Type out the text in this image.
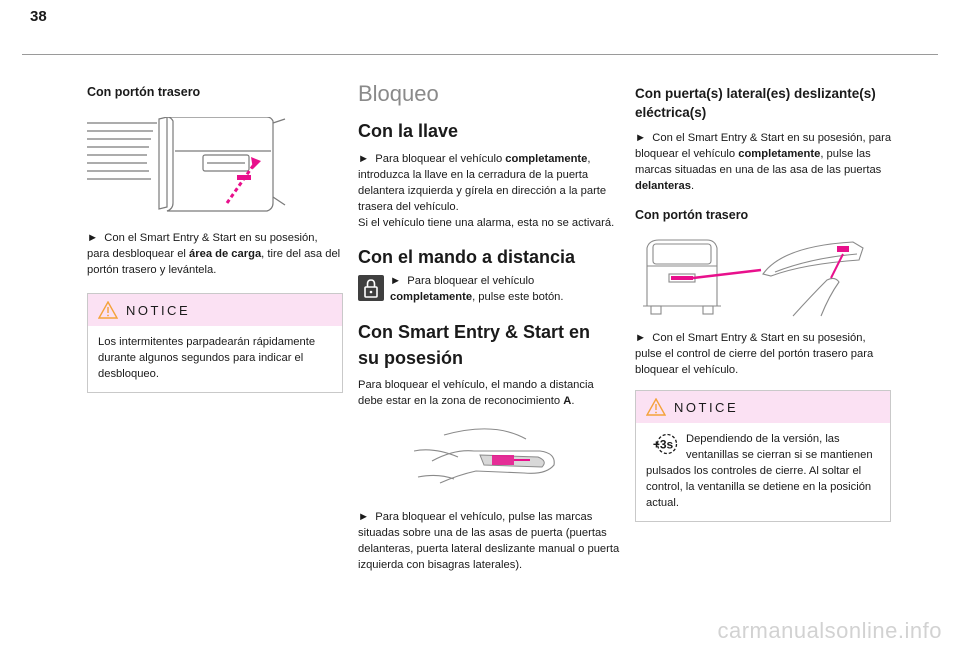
38
Con portón trasero
► Con el Smart Entry & Start en su posesión, para desbloquear el área de carga, tire del asa del portón trasero y levántela.
NOTICE
Los intermitentes parpadearán rápidamente durante algunos segundos para indicar el desbloqueo.
Bloqueo
Con la llave
► Para bloquear el vehículo completamente, introduzca la llave en la cerradura de la puerta delantera izquierda y gírela en dirección a la parte trasera del vehículo.
Si el vehículo tiene una alarma, esta no se activará.
Con el mando a distancia
► Para bloquear el vehículo completamente, pulse este botón.
Con Smart Entry & Start en
su posesión
Para bloquear el vehículo, el mando a distancia debe estar en la zona de reconocimiento A.
► Para bloquear el vehículo, pulse las marcas situadas sobre una de las asas de puerta (puertas delanteras, puerta lateral deslizante manual o puerta izquierda con bisagras laterales).
Con puerta(s) lateral(es) deslizante(s)
eléctrica(s)
► Con el Smart Entry & Start en su posesión, para bloquear el vehículo completamente, pulse las marcas situadas en una de las asa de las puertas delanteras.
Con portón trasero
► Con el Smart Entry & Start en su posesión, pulse el control de cierre del portón trasero para bloquear el vehículo.
NOTICE
+3s Dependiendo de la versión, las ventanillas se cierran si se mantienen pulsados los controles de cierre. Al soltar el control, la ventanilla se detiene en la posición actual.
carmanualsonline.info
